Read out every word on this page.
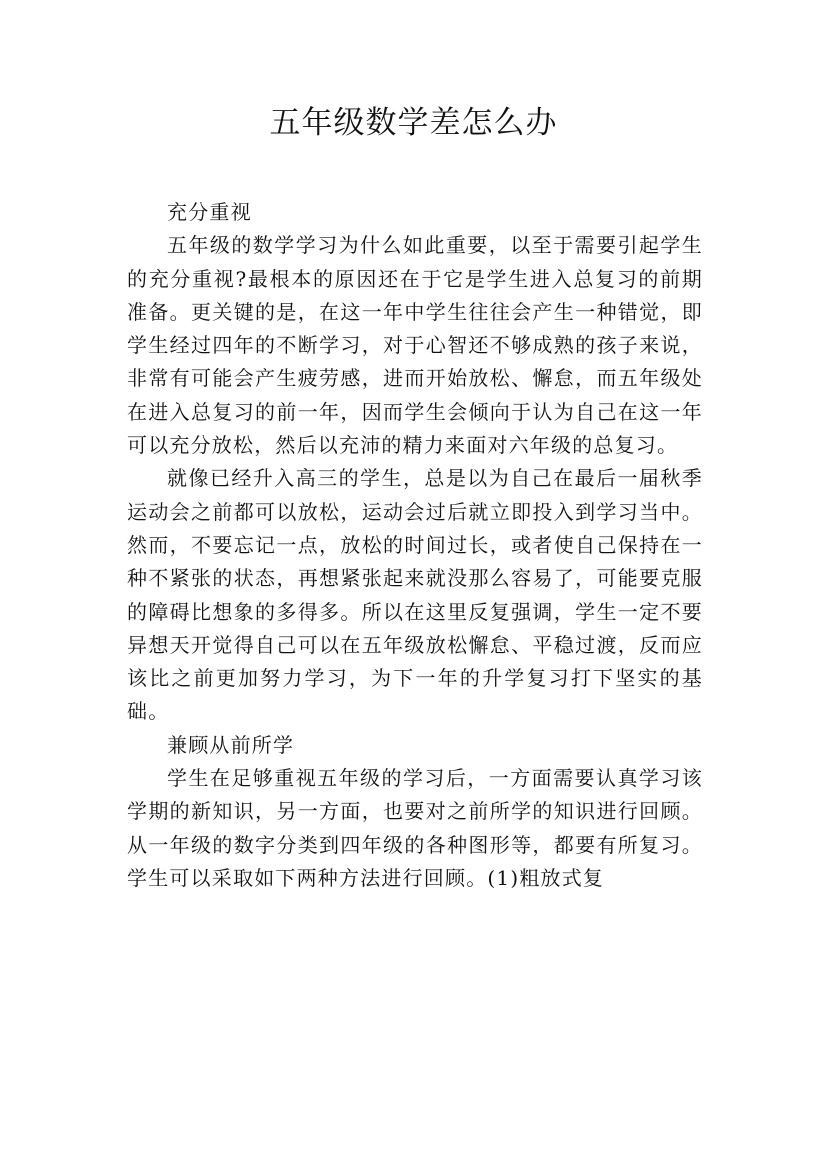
五年级数学差怎么办

充分重视

五年级的数学学习为什么如此重要，以至于需要引起学生的充分重视?最根本的原因还在于它是学生进入总复习的前期准备。更关键的是，在这一年中学生往往会产生一种错觉，即学生经过四年的不断学习，对于心智还不够成熟的孩子来说，非常有可能会产生疲劳感，进而开始放松、懈怠，而五年级处在进入总复习的前一年，因而学生会倾向于认为自己在这一年可以充分放松，然后以充沛的精力来面对六年级的总复习。

就像已经升入高三的学生，总是以为自己在最后一届秋季运动会之前都可以放松，运动会过后就立即投入到学习当中。然而，不要忘记一点，放松的时间过长，或者使自己保持在一种不紧张的状态，再想紧张起来就没那么容易了，可能要克服的障碍比想象的多得多。所以在这里反复强调，学生一定不要异想天开觉得自己可以在五年级放松懈怠、平稳过渡，反而应该比之前更加努力学习，为下一年的升学复习打下坚实的基础。

兼顾从前所学

学生在足够重视五年级的学习后，一方面需要认真学习该学期的新知识，另一方面，也要对之前所学的知识进行回顾。从一年级的数字分类到四年级的各种图形等，都要有所复习。学生可以采取如下两种方法进行回顾。(1)粗放式复
